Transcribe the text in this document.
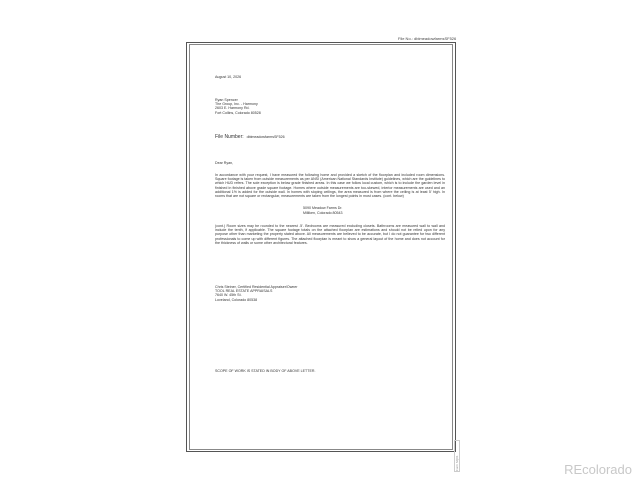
File No.: dblmeadowfarmsSF526
August 10, 2026
Ryan Spencer
The Group, Inc. - Harmony
2603 E. Harmony Rd.
Fort Collins, Colorado 80528
File Number: dblmeadowfarmsSF526
Dear Ryan,
In accordance with your request, I have measured the following home and provided a sketch of the floorplan and included room dimensions. Square footage is taken from outside measurements as per ANSI (American National Standards Institute) guidelines, which are the guidelines to which HUD refers. The sole exception is below grade finished areas. In this case we follow local custom, which is to include the garden level in finished in finished above grade square footage. Homes where outside measurements are too-skewed, interior measurements are used and an additional 1% is added for the outside wall. In homes with sloping ceilings, the area measured is from where the ceiling is at least 5' high. In rooms that are not square or rectangular, measurements are taken from the longest points in most cases. (cont. below)
5090 Meadow Farms Dr.
Milliken, Colorado 80543
(cont.) Room sizes may be rounded to the nearest .5'. Bedrooms are measured excluding closets. Bathrooms are measured wall to wall and include the tenth, if applicable. The square footage totals on the attached floorplan are estimations and should not be relied upon for any purpose other than marketing the property stated above. All measurements are believed to be accurate, but I do not guarantee for two different professionals to come up with different figures. The attached floorplan is meant to show a general layout of the home and does not account for the thickness of walls or some other architectural features.
Chris Steiner, Certified Residential Appraiser/Owner
TOOL REAL ESTATE APPRAISALS
7640 W. 45th St.
Loveland, Colorado 80538
SCOPE OF WORK IS STATED IN BODY OF ABOVE LETTER.
Form SQ01	REcolorado
